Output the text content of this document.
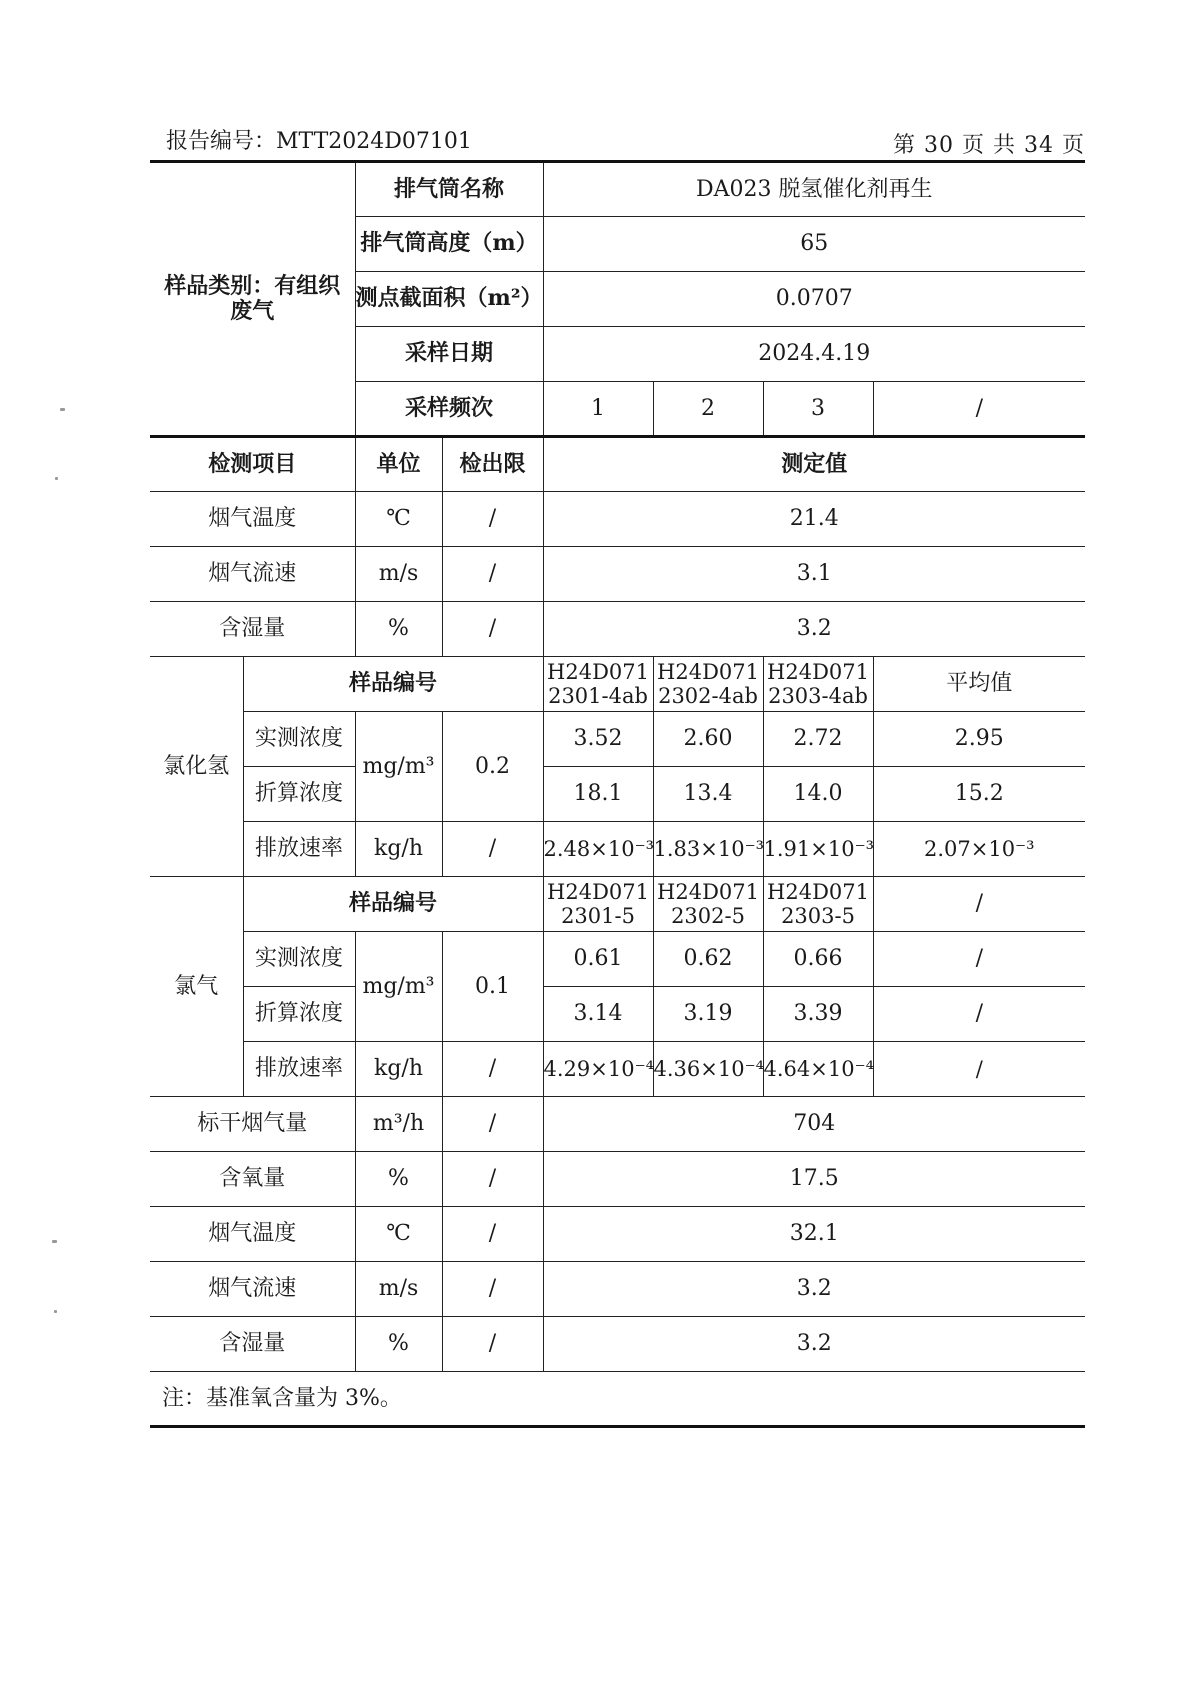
报告编号：MTT2024D07101	第 30 页 共 34 页
样品类别：有组织废气		排气筒名称		DA023 脱氢催化剂再生			
		排气筒高度（m）		65			
		测点截面积（m²）		0.0707			
		采样日期		2024.4.19			
		采样频次		1	2	3	/
检测项目		单位	检出限	测定值			
烟气温度		℃	/	21.4			
烟气流速		m/s	/	3.1			
含湿量		%	/	3.2			
氯化氢	样品编号			H24D071 2301-4ab	H24D071 2302-4ab	H24D071 2303-4ab	平均值
	实测浓度	mg/m³	0.2	3.52	2.60	2.72	2.95
	折算浓度			18.1	13.4	14.0	15.2
	排放速率	kg/h	/	2.48×10⁻³	1.83×10⁻³	1.91×10⁻³	2.07×10⁻³
氯气	样品编号			H24D071 2301-5	H24D071 2302-5	H24D071 2303-5	/
	实测浓度	mg/m³	0.1	0.61	0.62	0.66	/
	折算浓度			3.14	3.19	3.39	/
	排放速率	kg/h	/	4.29×10⁻⁴	4.36×10⁻⁴	4.64×10⁻⁴	/
标干烟气量		m³/h	/	704			
含氧量		%	/	17.5			
烟气温度		℃	/	32.1			
烟气流速		m/s	/	3.2			
含湿量		%	/	3.2			
注：基准氧含量为 3%。							
